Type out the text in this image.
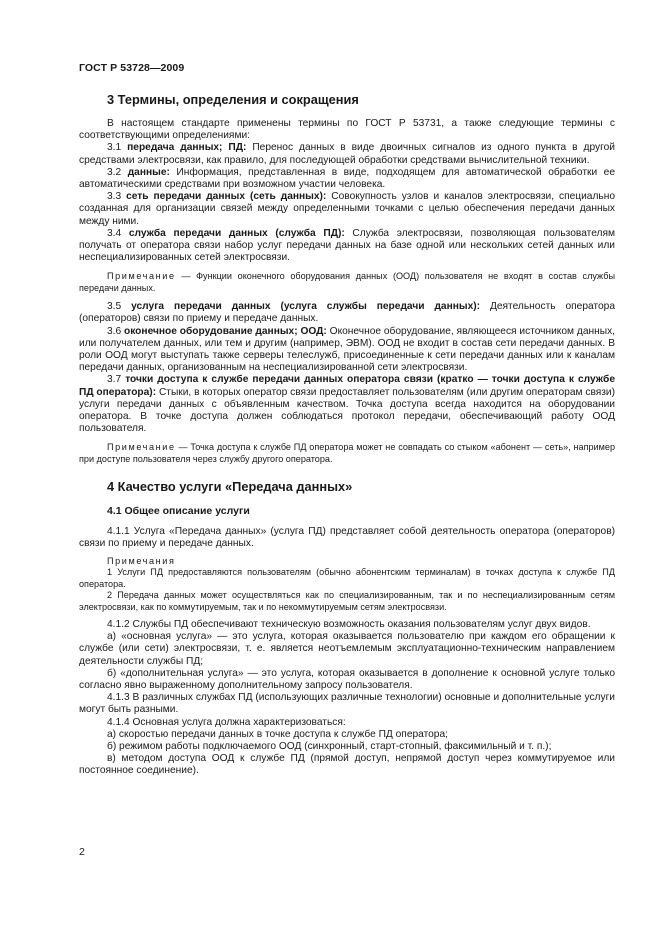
ГОСТ Р 53728—2009
3 Термины, определения и сокращения

В настоящем стандарте применены термины по ГОСТ Р 53731, а также следующие термины с соответствующими определениями:

3.1 передача данных; ПД: Перенос данных в виде двоичных сигналов из одного пункта в другой средствами электросвязи, как правило, для последующей обработки средствами вычислительной техники.

3.2 данные: Информация, представленная в виде, подходящем для автоматической обработки ее автоматическими средствами при возможном участии человека.

3.3 сеть передачи данных (сеть данных): Совокупность узлов и каналов электросвязи, специально созданная для организации связей между определенными точками с целью обеспечения передачи данных между ними.

3.4 служба передачи данных (служба ПД): Служба электросвязи, позволяющая пользователям получать от оператора связи набор услуг передачи данных на базе одной или нескольких сетей данных или неспециализированных сетей электросвязи.

Примечание — Функции оконечного оборудования данных (ООД) пользователя не входят в состав службы передачи данных.

3.5 услуга передачи данных (услуга службы передачи данных): Деятельность оператора (операторов) связи по приему и передаче данных.

3.6 оконечное оборудование данных; ООД: Оконечное оборудование, являющееся источником данных, или получателем данных, или тем и другим (например, ЭВМ). ООД не входит в состав сети передачи данных. В роли ООД могут выступать также серверы телеслужб, присоединенные к сети передачи данных или к каналам передачи данных, организованным на неспециализированной сети электросвязи.

3.7 точки доступа к службе передачи данных оператора связи (кратко — точки доступа к службе ПД оператора): Стыки, в которых оператор связи предоставляет пользователям (или другим операторам связи) услуги передачи данных с объявленным качеством. Точка доступа всегда находится на оборудовании оператора. В точке доступа должен соблюдаться протокол передачи, обеспечивающий работу ООД пользователя.

Примечание — Точка доступа к службе ПД оператора может не совпадать со стыком «абонент — сеть», например при доступе пользователя через службу другого оператора.
4 Качество услуги «Передача данных»
4.1 Общее описание услуги

4.1.1 Услуга «Передача данных» (услуга ПД) представляет собой деятельность оператора (операторов) связи по приему и передаче данных.

Примечания
1 Услуги ПД предоставляются пользователям (обычно абонентским терминалам) в точках доступа к службе ПД оператора.
2 Передача данных может осуществляться как по специализированным, так и по неспециализированным сетям электросвязи, как по коммутируемым, так и по некоммутируемым сетям электросвязи.

4.1.2 Службы ПД обеспечивают техническую возможность оказания пользователям услуг двух видов.

а) «основная услуга» — это услуга, которая оказывается пользователю при каждом его обращении к службе (или сети) электросвязи, т. е. является неотъемлемым эксплуатационно-техническим направлением деятельности службы ПД;

б) «дополнительная услуга» — это услуга, которая оказывается в дополнение к основной услуге только согласно явно выраженному дополнительному запросу пользователя.

4.1.3 В различных службах ПД (использующих различные технологии) основные и дополнительные услуги могут быть разными.

4.1.4 Основная услуга должна характеризоваться:

а) скоростью передачи данных в точке доступа к службе ПД оператора;

б) режимом работы подключаемого ООД (синхронный, старт-стопный, факсимильный и т. п.);

в) методом доступа ООД к службе ПД (прямой доступ, непрямой доступ через коммутируемое или постоянное соединение).

2
